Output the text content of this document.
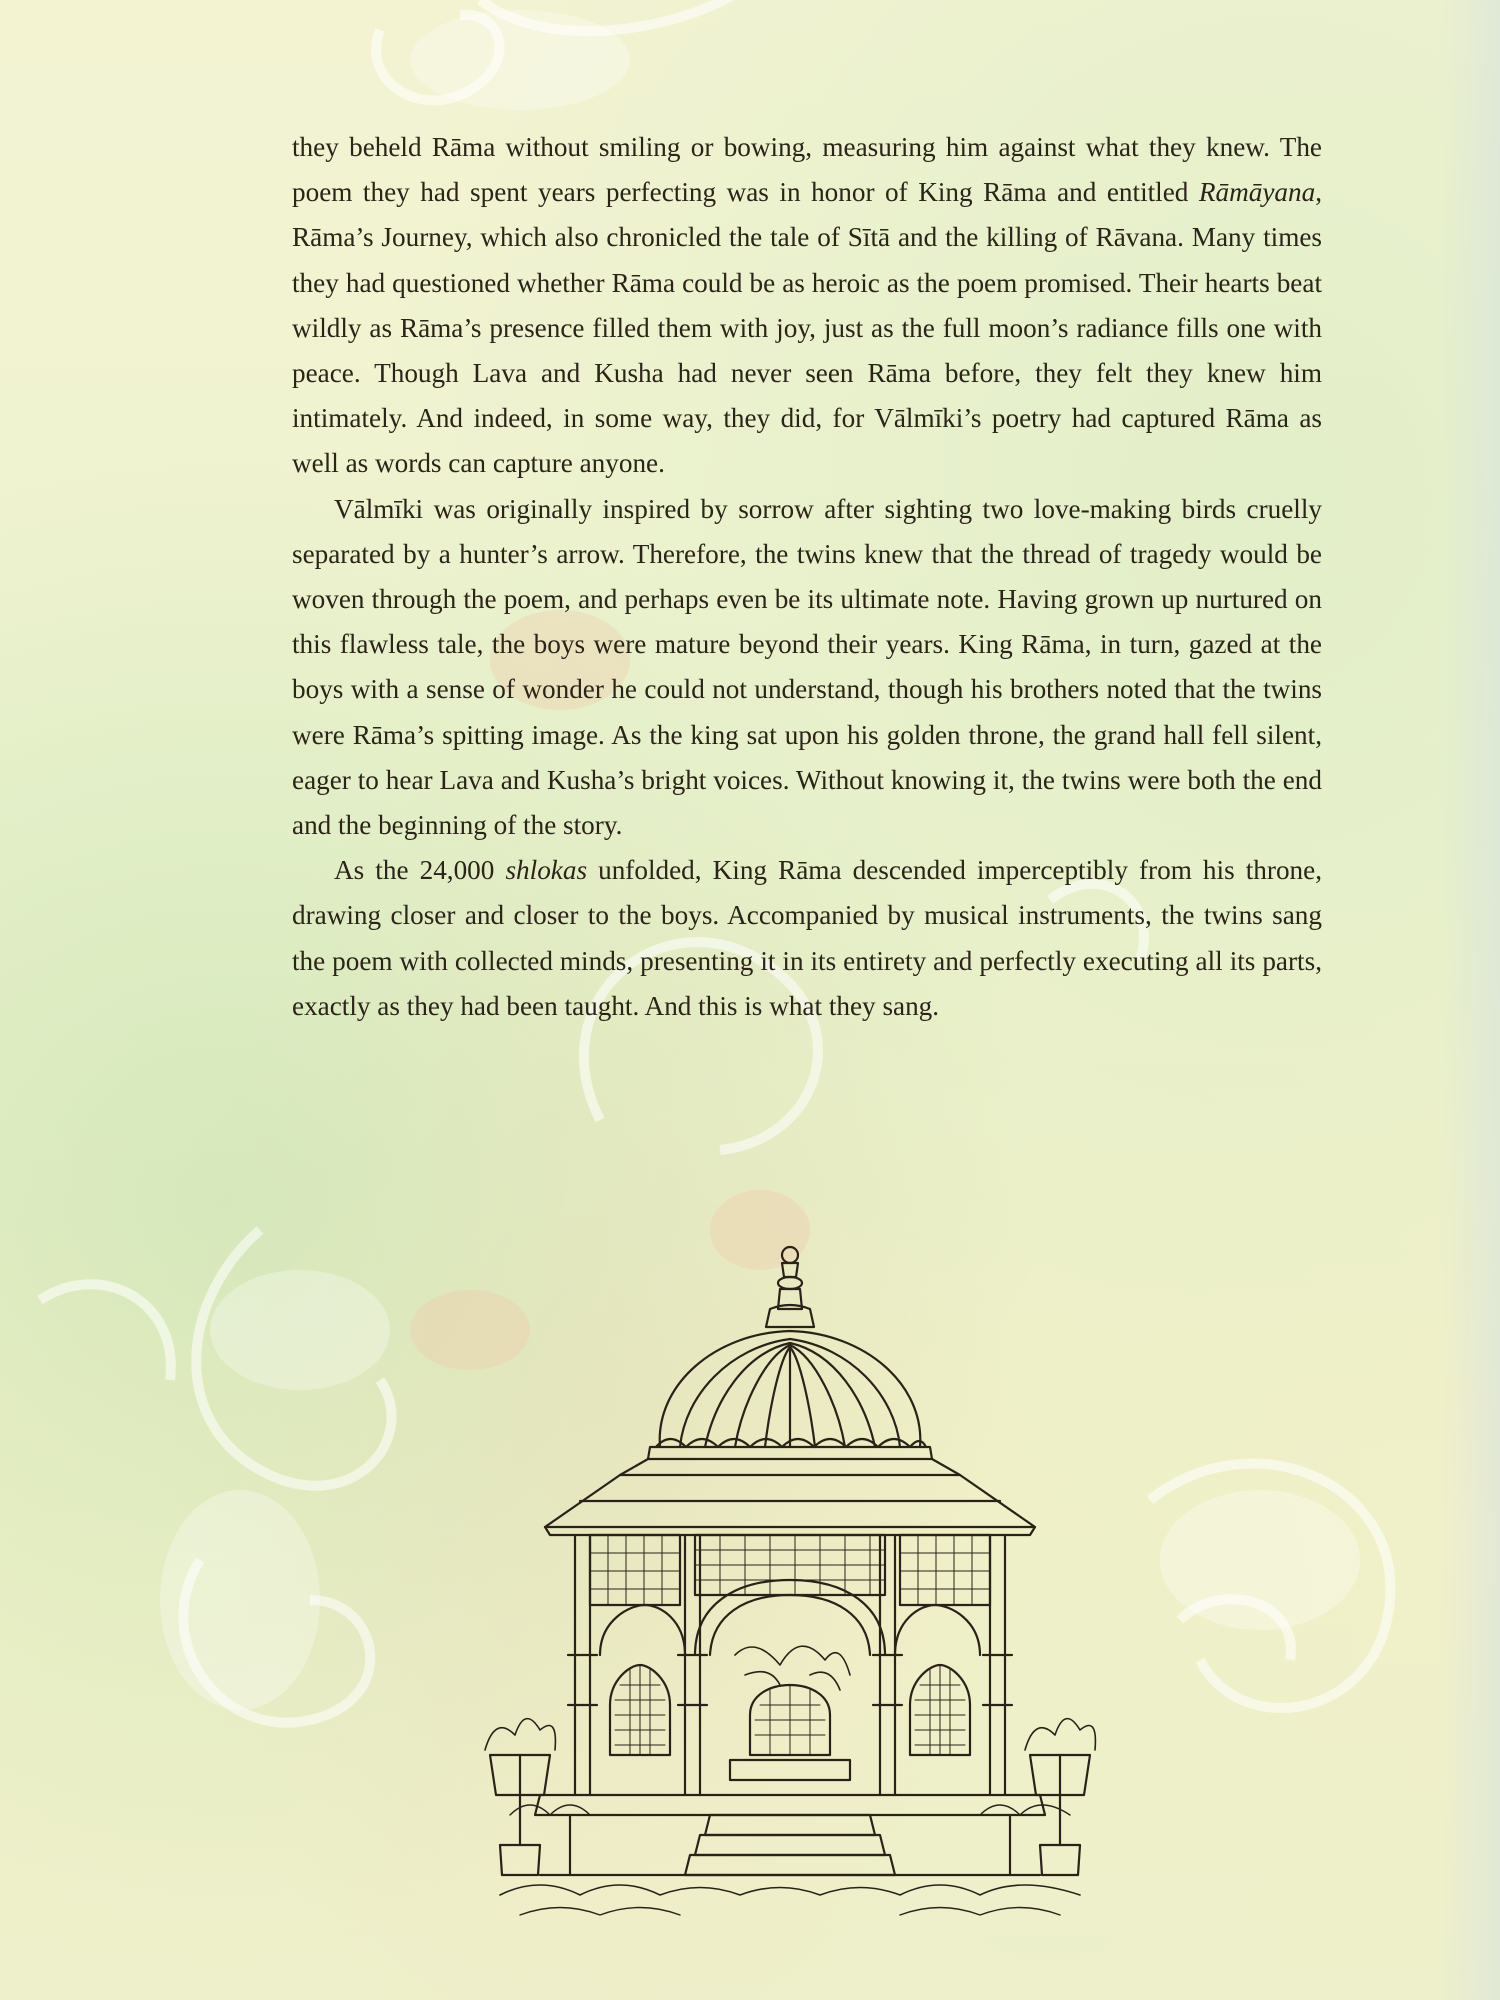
they beheld Rāma without smiling or bowing, measuring him against what they knew. The poem they had spent years perfecting was in honor of King Rāma and entitled Rāmāyana, Rāma’s Journey, which also chronicled the tale of Sītā and the killing of Rāvana. Many times they had questioned whether Rāma could be as heroic as the poem promised. Their hearts beat wildly as Rāma’s presence filled them with joy, just as the full moon’s radiance fills one with peace. Though Lava and Kusha had never seen Rāma before, they felt they knew him intimately. And indeed, in some way, they did, for Vālmīki’s poetry had captured Rāma as well as words can capture anyone.

Vālmīki was originally inspired by sorrow after sighting two love-making birds cruelly separated by a hunter’s arrow. Therefore, the twins knew that the thread of tragedy would be woven through the poem, and perhaps even be its ultimate note. Having grown up nurtured on this flawless tale, the boys were mature beyond their years. King Rāma, in turn, gazed at the boys with a sense of wonder he could not understand, though his brothers noted that the twins were Rāma’s spitting image. As the king sat upon his golden throne, the grand hall fell silent, eager to hear Lava and Kusha’s bright voices. Without knowing it, the twins were both the end and the beginning of the story.

As the 24,000 shlokas unfolded, King Rāma descended imperceptibly from his throne, drawing closer and closer to the boys. Accompanied by musical instruments, the twins sang the poem with collected minds, presenting it in its entirety and perfectly executing all its parts, exactly as they had been taught. And this is what they sang.
